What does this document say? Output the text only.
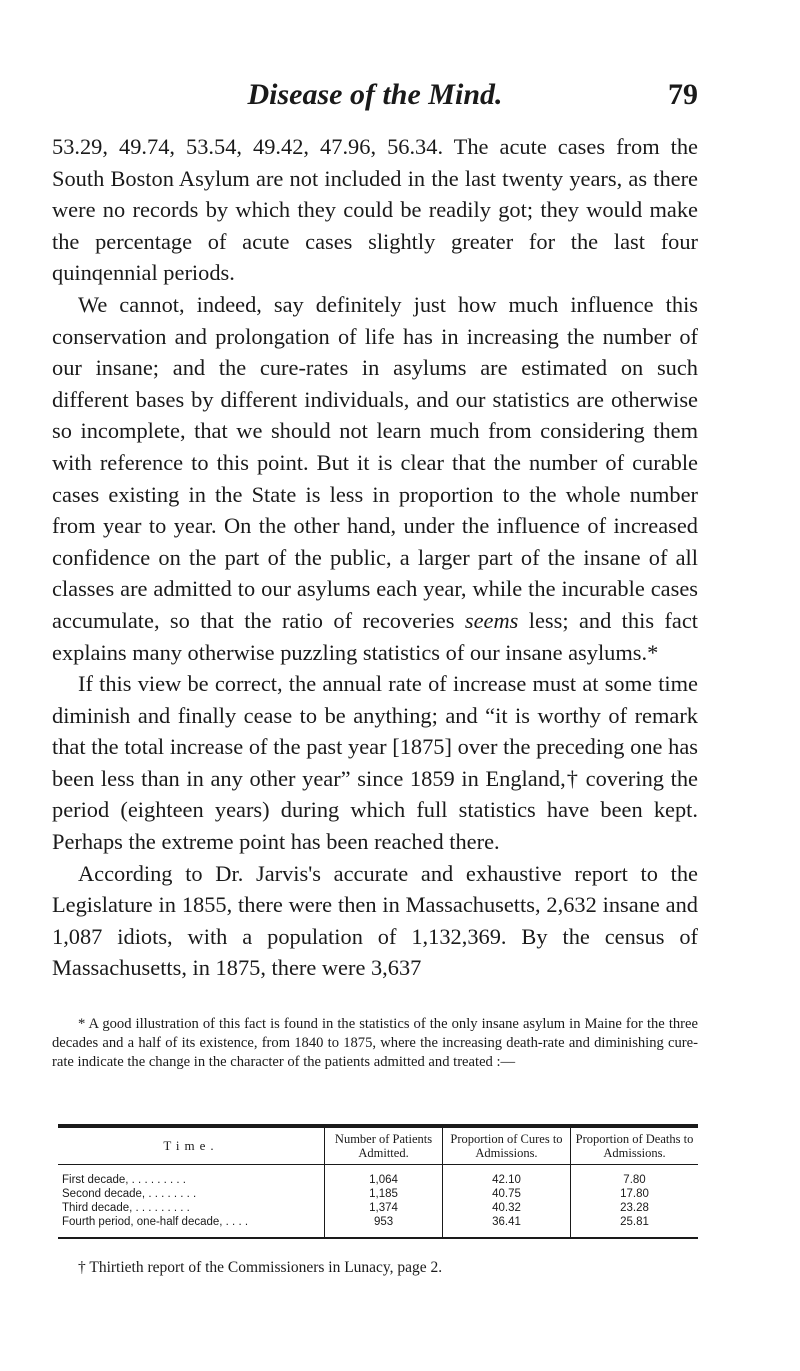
Disease of the Mind.	79

53.29, 49.74, 53.54, 49.42, 47.96, 56.34. The acute cases from the South Boston Asylum are not included in the last twenty years, as there were no records by which they could be readily got; they would make the percentage of acute cases slightly greater for the last four quinqennial periods.

We cannot, indeed, say definitely just how much influence this conservation and prolongation of life has in increasing the number of our insane; and the cure-rates in asylums are estimated on such different bases by different individuals, and our statistics are otherwise so incomplete, that we should not learn much from considering them with reference to this point. But it is clear that the number of curable cases existing in the State is less in proportion to the whole number from year to year. On the other hand, under the influence of increased confidence on the part of the public, a larger part of the insane of all classes are admitted to our asylums each year, while the incurable cases accumulate, so that the ratio of recoveries seems less; and this fact explains many otherwise puzzling statistics of our insane asylums.*

If this view be correct, the annual rate of increase must at some time diminish and finally cease to be anything; and “it is worthy of remark that the total increase of the past year [1875] over the preceding one has been less than in any other year” since 1859 in England,† covering the period (eighteen years) during which full statistics have been kept. Perhaps the extreme point has been reached there.

According to Dr. Jarvis's accurate and exhaustive report to the Legislature in 1855, there were then in Massachusetts, 2,632 insane and 1,087 idiots, with a population of 1,132,369. By the census of Massachusetts, in 1875, there were 3,637

* A good illustration of this fact is found in the statistics of the only insane asylum in Maine for the three decades and a half of its existence, from 1840 to 1875, where the increasing death-rate and diminishing cure-rate indicate the change in the character of the patients admitted and treated :—

Time.	Number of Patients Admitted.	Proportion of Cures to Admissions.	Proportion of Deaths to Admissions.
First decade, . . . . . . . . .	1,064	42.10	7.80
Second decade, . . . . . . . .	1,185	40.75	17.80
Third decade, . . . . . . . . .	1,374	40.32	23.28
Fourth period, one-half decade, . . . .	953	36.41	25.81
† Thirtieth report of the Commissioners in Lunacy, page 2.
